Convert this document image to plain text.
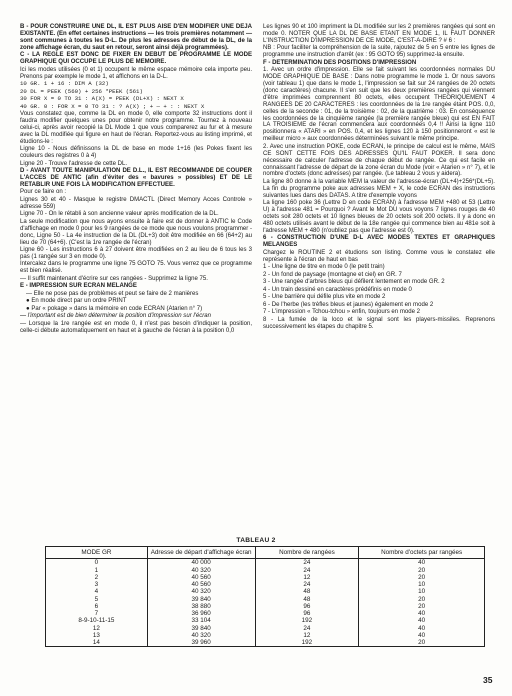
B - POUR CONSTRUIRE UNE DL, IL EST PLUS AISE D'EN MODIFIER UNE DEJA EXISTANTE. (En effet certaines instructions — les trois premières notamment — sont communes à toutes les D-L. De plus les adresses de début de la DL, de la zone affichage écran, du saut en retour, seront ainsi déjà programmées).

C - LA REGLE EST DONC DE FIXER EN DEBUT DE PROGRAMME LE MODE GRAPHIQUE QUI OCCUPE LE PLUS DE MEMOIRE.

Ici les modes utilisées (0 et 1) occupent le même espace mémoire cela importe peu. Prenons par exemple le mode 1, et affichons en la D-L.

10 GR. 1 + 16 : DIM A (32)

20 DL = PEEK (560) + 256 *PEEK (561)

30 FOR X = 0 TO 31 : A(X) = PEEK (DL+X) : NEXT X

40 GR. 0 : FOR X = 0 TO 31 : ? A(X) ; + — + : : NEXT X

Vous constatez que, comme la DL en mode 0, elle comporte 32 instructions dont il faudra modifier quelques unes pour obtenir notre programme. Tournez à nouveau celui-ci, après avoir recopié la DL Mode 1 que vous comparerez au fur et à mesure avec la DL modifiée qui figure en haut de l'écran. Reportez-vous au listing imprimé, et étudions-le :

Ligne 10 - Nous définissons la DL de base en mode 1+16 (les Pokes fixent les couleurs des registres 0 à 4)

Ligne 20 - Trouve l'adresse de cette DL.

D - AVANT TOUTE MANIPULATION DE D.L., IL EST RECOMMANDE DE COUPER L'ACCES DE ANTIC (afin d'éviter des « bavures » possibles) ET DE LE RETABLIR UNE FOIS LA MODIFICATION EFFECTUEE.

Pour ce faire on :

Lignes 30 et 40 - Masque le registre DMACTL (Direct Memory Acces Controle » adresse 559)

Ligne 70 - On le rétabli à son ancienne valeur après modification de la DL.

La seule modification que nous ayons ensuite à faire est de donner à ANTIC le Code d'affichage en mode 0 pour les 9 rangées de ce mode que nous voulons programmer - donc, Ligne 50 - La 4e instruction de la DL (DL+3) doit être modifiée en 66 (64+2) au lieu de 70 (64+6). (C'est la 1re rangée de l'écran)

Ligne 60 - Les instructions 6 à 27 doivent être modifiées en 2 au lieu de 6 tous les 3 pas (1 rangée sur 3 en mode 0).

Intercalez dans le programme une ligne 75 GOTO 75. Vous verrez que ce programme est bien réalisé.

— Il suffit maintenant d'écrire sur ces rangées - Supprimez la ligne 75.

E - IMPRESSION SUR ECRAN MELANGE

— Elle ne pose pas de problèmes et peut se faire de 2 manières

● En mode direct par un ordre PRINT

● Par « pokage » dans la mémoire en code ECRAN (Atarien n° 7)

— l'important est de bien déterminer la position d'impression sur l'écran

— Lorsque la 1re rangée est en mode 0, il n'est pas besoin d'indiquer la position, celle-ci débute automatiquement en haut et à gauche de l'écran à la position 0,0

Les lignes 90 et 100 impriment la DL modifiée sur les 2 premières rangées qui sont en mode 0. NOTER QUE LA DL DE BASE ETANT EN MODE 1, IL FAUT DONNER L'INSTRUCTION D'IMPRESSION DE CE MODE, C'EST-A-DIRE ? # 6 :

NB : Pour faciliter la compréhension de la suite, rajoutez de 5 en 5 entre les lignes de programme une instruction d'arrêt (ex : 95 GOTO 95) supprimez-la ensuite.

F - DETERMINATION DES POSITIONS D'IMPRESSION

1. Avec un ordre d'impression. Elle se fait suivant les coordonnées normales DU MODE GRAPHIQUE DE BASE : Dans notre programme le mode 1. Or nous savons (voir tableau 1) que dans le mode 1, l'impression se fait sur 24 rangées de 20 octets (donc caractères) chacune. Il s'en suit que les deux premières rangées qui viennent d'être imprimées comprennent 80 octets, elles occupent THEORIQUEMENT 4 RANGEES DE 20 CARACTERES : les coordonnées de la 1re rangée étant POS. 0,0, celles de la seconde : 01, de la troisième : 02, de la quatrième : 03. En conséquence les coordonnées de la cinquième rangée (la première rangée bleue) qui est EN FAIT LA TROISIEME de l'écran commencera aux coordonnées 0,4 !! Ainsi la ligne 110 positionnera « ATARI » en POS. 0,4, et les lignes 120 à 150 positionneront « est le meilleur micro » aux coordonnées déterminées suivant le même principe.

2. Avec une instruction POKE, code ECRAN, le principe de calcul est le même, MAIS CE SONT CETTE FOIS DES ADRESSES QU'IL FAUT POKER. Il sera donc nécessaire de calculer l'adresse de chaque début de rangée. Ce qui est facile en connaissant l'adresse de départ de la zone écran du Mode (voir « Atarien » n° 7), et le nombre d'octets (donc adresses) par rangée. (Le tableau 2 vous y aidera).

La ligne 80 donne à la variable MEM la valeur de l'adresse-écran (DL+4)+256*(DL+5). La fin du programme poke aux adresses MEM + X, le code ECRAN des instructions suivantes lues dans des DATAS. A titre d'exemple voyons

La ligne 160 poke 36 (Lettre D en code ECRAN) à l'adresse MEM +480 et 53 (Lettre U) à l'adresse 481 = Pourquoi ? Avant le Mot DU vous voyons 7 lignes rouges de 40 octets soit 280 octets et 10 lignes bleues de 20 octets soit 200 octets. Il y a donc en 480 octets utilisés avant le début de la 18e rangée qui commence bien au 481e soit à l'adresse MEM + 480 (n'oubliez pas que l'adresse est 0).

6 - CONSTRUCTION D'UNE D-L AVEC MODES TEXTES ET GRAPHIQUES MELANGES

Chargez le ROUTINE 2 et étudions son listing. Comme vous le constatez elle représente à l'écran de haut en bas

1 - Une ligne de titre en mode 0 (le petit train)

2 - Un fond de paysage (montagne et ciel) en GR. 7

3 - Une rangée d'arbres bleus qui défilent lentement en mode GR. 2

4 - Un train dessiné en caractères prédéfinis en mode 0

5 - Une barrière qui défile plus vite en mode 2

6 - De l'herbe (les trèfles bleus et jaunes) également en mode 2

7 - L'impression « Tchou-tchou » enfin, toujours en mode 2

8 - La fumée de la loco et le signal sont les players-missiles. Reprenons successivement les étapes du chapitre 5.

TABLEAU 2
MODE GR	Adresse de départ d'affichage écran	Nombre de rangées	Nombre d'octets par rangées
0	40 000	24	40
1	40 320	24	20
2	40 560	12	20
3	40 560	24	10
4	40 320	48	10
5	39 840	48	20
6	38 880	96	20
7	36 960	96	40
8-9-10-11-15	33 104	192	40
12	39 840	24	40
13	40 320	12	40
14	39 960	192	20
35
